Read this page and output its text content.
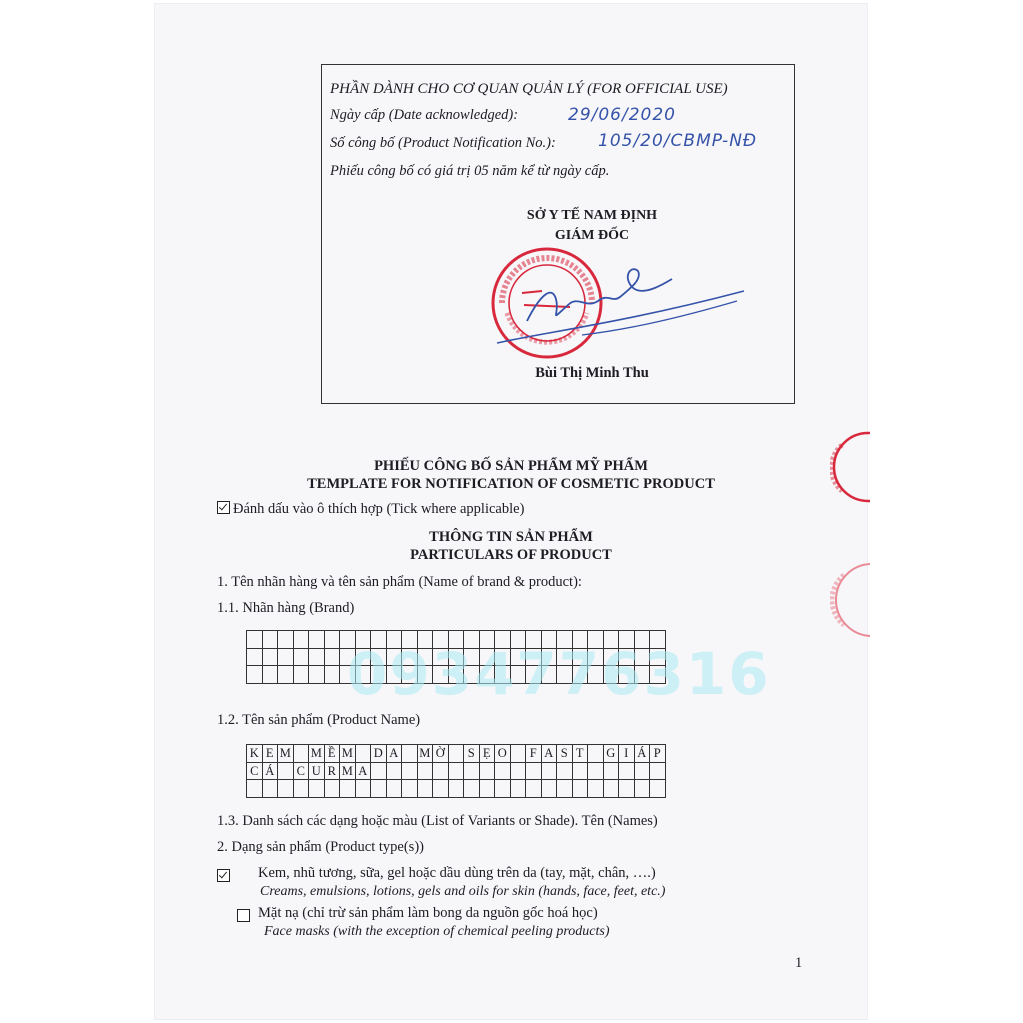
PHẦN DÀNH CHO CƠ QUAN QUẢN LÝ (FOR OFFICIAL USE)
Ngày cấp (Date acknowledged):	29/06/2020
Số công bố (Product Notification No.): 105/20/CBMP-NĐ
Phiếu công bố có giá trị 05 năm kể từ ngày cấp.
SỞ Y TẾ NAM ĐỊNH
GIÁM ĐỐC
Bùi Thị Minh Thu
PHIẾU CÔNG BỐ SẢN PHẨM MỸ PHẨM
TEMPLATE FOR NOTIFICATION OF COSMETIC PRODUCT
Đánh dấu vào ô thích hợp (Tick where applicable)
THÔNG TIN SẢN PHẨM
PARTICULARS OF PRODUCT
1. Tên nhãn hàng và tên sản phẩm (Name of brand & product):
1.1. Nhãn hàng (Brand)

0934776316
1.2. Tên sản phẩm (Product Name)
K	E	M		M	Ề	M		D	A		M	Ờ		S	Ẹ	O		F	A	S	T		G	I	Á	P
C	Á		C	U	R	M	A																			

1.3. Danh sách các dạng hoặc màu (List of Variants or Shade). Tên (Names)
2. Dạng sản phẩm (Product type(s))

Kem, nhũ tương, sữa, gel hoặc dầu dùng trên da (tay, mặt, chân, ….)
Creams, emulsions, lotions, gels and oils for skin (hands, face, feet, etc.)
Mặt nạ (chỉ trừ sản phẩm làm bong da nguồn gốc hoá học)
Face masks (with the exception of chemical peeling products)
1
